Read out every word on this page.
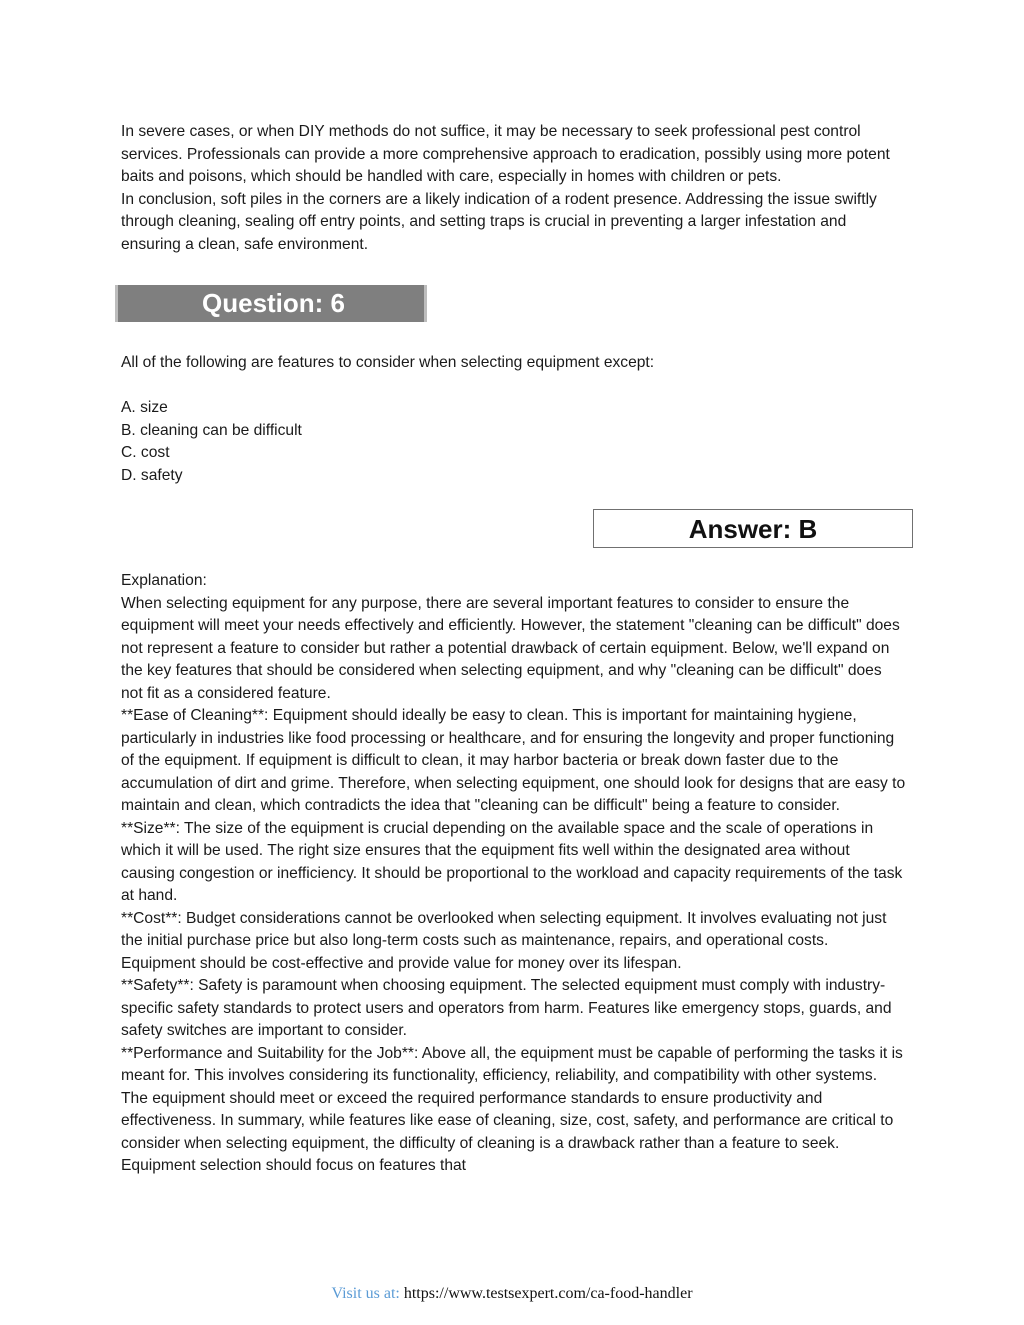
In severe cases, or when DIY methods do not suffice, it may be necessary to seek professional pest control services. Professionals can provide a more comprehensive approach to eradication, possibly using more potent baits and poisons, which should be handled with care, especially in homes with children or pets.

In conclusion, soft piles in the corners are a likely indication of a rodent presence. Addressing the issue swiftly through cleaning, sealing off entry points, and setting traps is crucial in preventing a larger infestation and ensuring a clean, safe environment.

Question: 6

All of the following are features to consider when selecting equipment except:

A. size

B. cleaning can be difficult

C. cost

D. safety

Answer: B

Explanation:

When selecting equipment for any purpose, there are several important features to consider to ensure the equipment will meet your needs effectively and efficiently. However, the statement "cleaning can be difficult" does not represent a feature to consider but rather a potential drawback of certain equipment. Below, we'll expand on the key features that should be considered when selecting equipment, and why "cleaning can be difficult" does not fit as a considered feature.

**Ease of Cleaning**: Equipment should ideally be easy to clean. This is important for maintaining hygiene, particularly in industries like food processing or healthcare, and for ensuring the longevity and proper functioning of the equipment. If equipment is difficult to clean, it may harbor bacteria or break down faster due to the accumulation of dirt and grime. Therefore, when selecting equipment, one should look for designs that are easy to maintain and clean, which contradicts the idea that "cleaning can be difficult" being a feature to consider.

**Size**: The size of the equipment is crucial depending on the available space and the scale of operations in which it will be used. The right size ensures that the equipment fits well within the designated area without causing congestion or inefficiency. It should be proportional to the workload and capacity requirements of the task at hand.

**Cost**: Budget considerations cannot be overlooked when selecting equipment. It involves evaluating not just the initial purchase price but also long-term costs such as maintenance, repairs, and operational costs. Equipment should be cost-effective and provide value for money over its lifespan.

**Safety**: Safety is paramount when choosing equipment. The selected equipment must comply with industry-specific safety standards to protect users and operators from harm. Features like emergency stops, guards, and safety switches are important to consider.

**Performance and Suitability for the Job**: Above all, the equipment must be capable of performing the tasks it is meant for. This involves considering its functionality, efficiency, reliability, and compatibility with other systems. The equipment should meet or exceed the required performance standards to ensure productivity and effectiveness. In summary, while features like ease of cleaning, size, cost, safety, and performance are critical to consider when selecting equipment, the difficulty of cleaning is a drawback rather than a feature to seek. Equipment selection should focus on features that

Visit us at: https://www.testsexpert.com/ca-food-handler
